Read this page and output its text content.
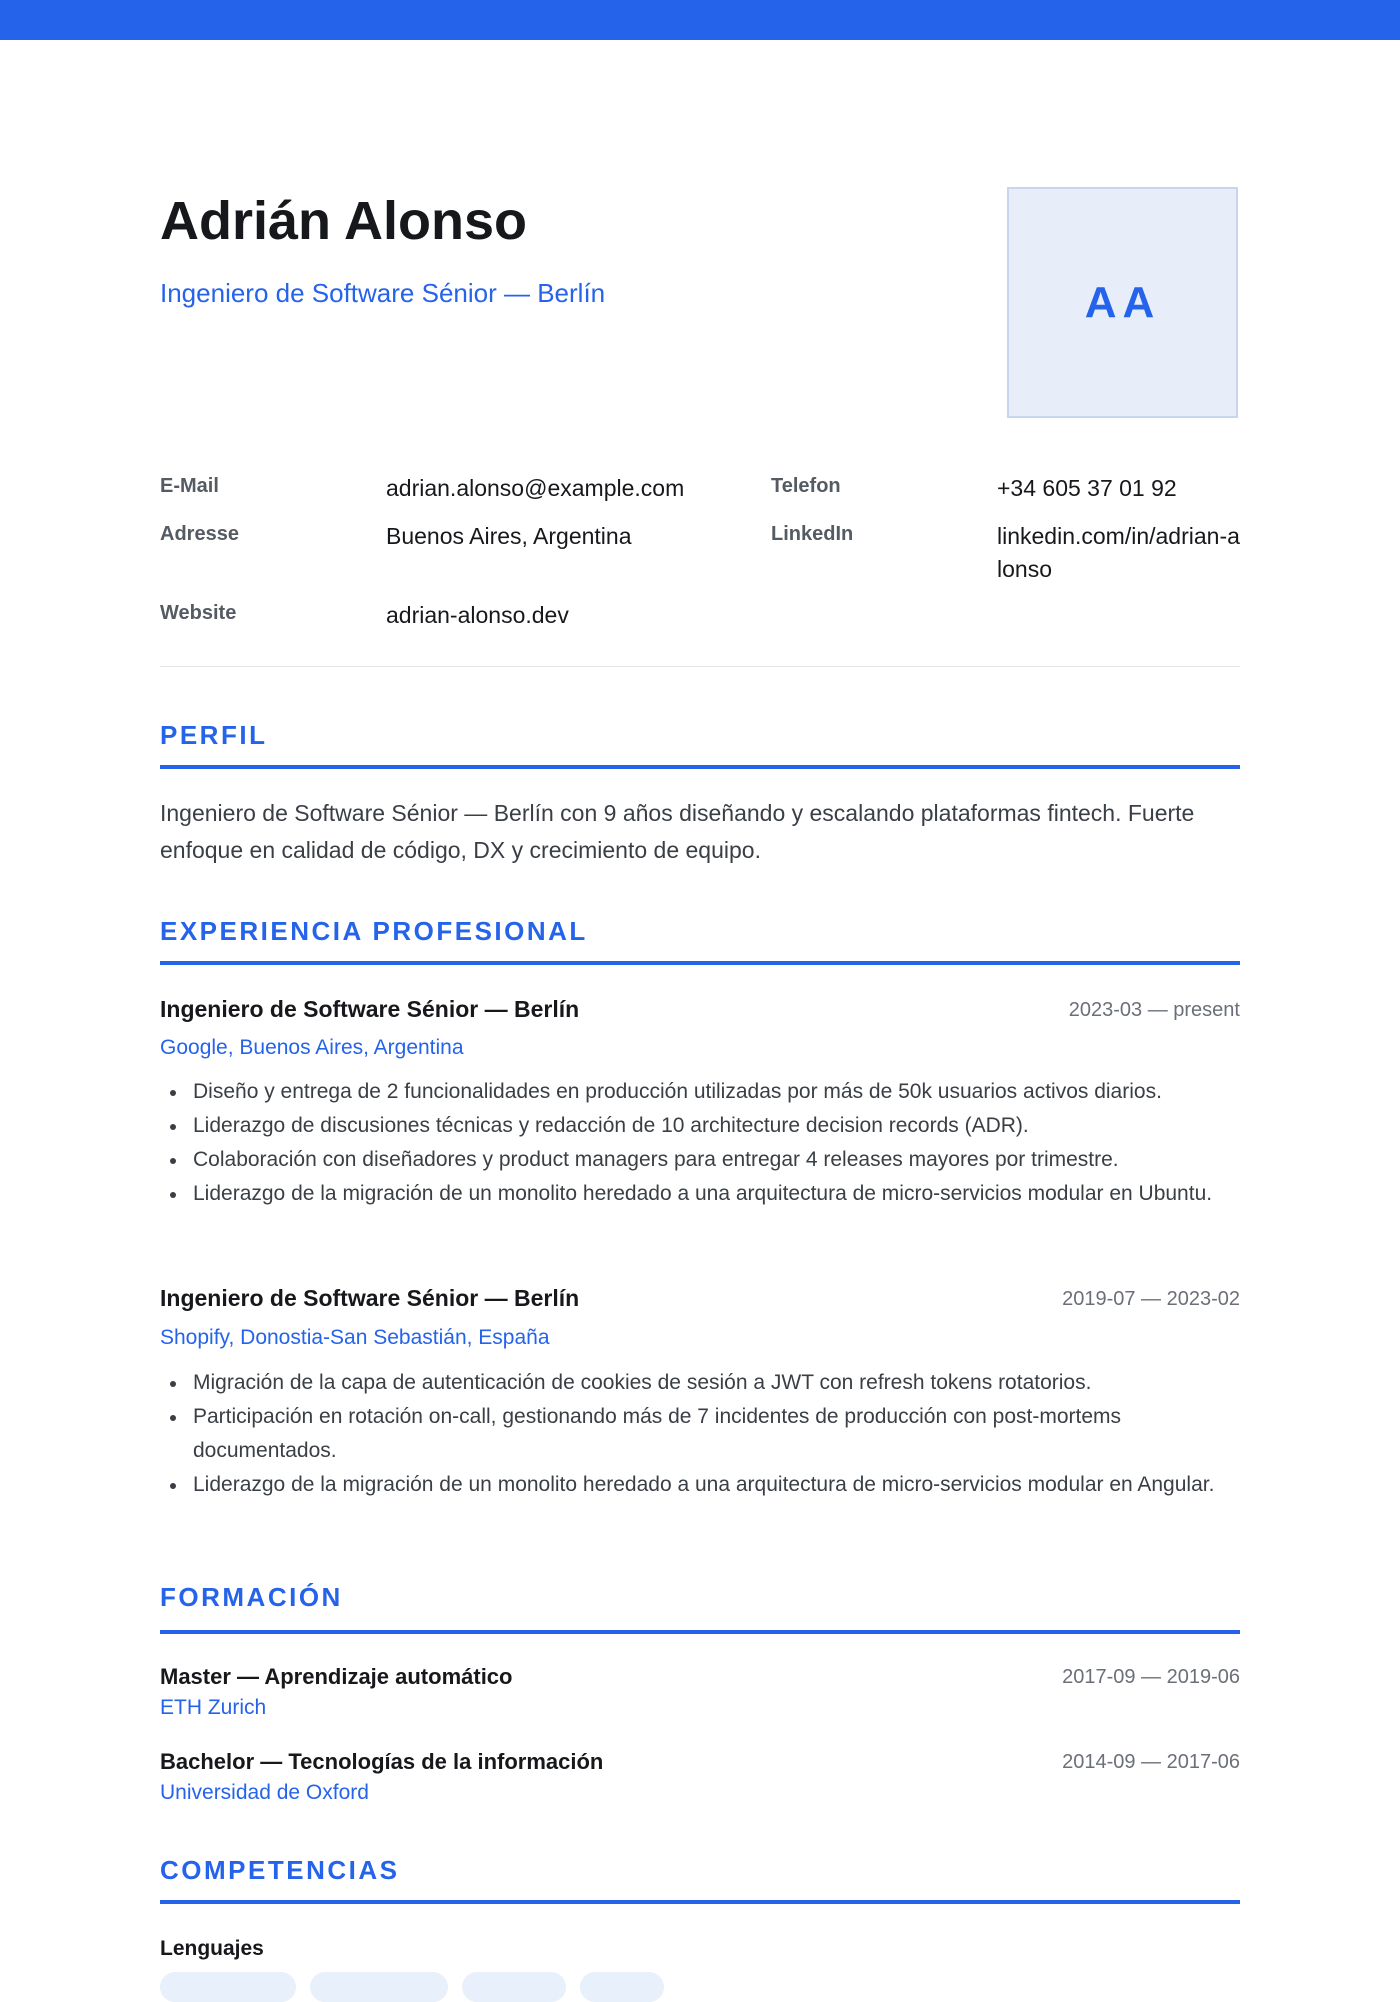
Adrián Alonso
Ingeniero de Software Sénior — Berlín	AA
E-Mail	adrian.alonso@example.com	Telefon	+34 605 37 01 92
Adresse	Buenos Aires, Argentina	LinkedIn	linkedin.com/in/adrian-alonso
Website	adrian-alonso.dev
PERFIL
Ingeniero de Software Sénior — Berlín con 9 años diseñando y escalando plataformas fintech. Fuerte enfoque en calidad de código, DX y crecimiento de equipo.
EXPERIENCIA PROFESIONAL
Ingeniero de Software Sénior — Berlín	2023-03 — present
Google, Buenos Aires, Argentina
Diseño y entrega de 2 funcionalidades en producción utilizadas por más de 50k usuarios activos diarios.
Liderazgo de discusiones técnicas y redacción de 10 architecture decision records (ADR).
Colaboración con diseñadores y product managers para entregar 4 releases mayores por trimestre.
Liderazgo de la migración de un monolito heredado a una arquitectura de micro-servicios modular en Ubuntu.
Ingeniero de Software Sénior — Berlín	2019-07 — 2023-02
Shopify, Donostia-San Sebastián, España
Migración de la capa de autenticación de cookies de sesión a JWT con refresh tokens rotatorios.
Participación en rotación on-call, gestionando más de 7 incidentes de producción con post-mortems documentados.
Liderazgo de la migración de un monolito heredado a una arquitectura de micro-servicios modular en Angular.
FORMACIÓN
Master — Aprendizaje automático	2017-09 — 2019-06
ETH Zurich
Bachelor — Tecnologías de la información	2014-09 — 2017-06
Universidad de Oxford
COMPETENCIAS
Lenguajes
